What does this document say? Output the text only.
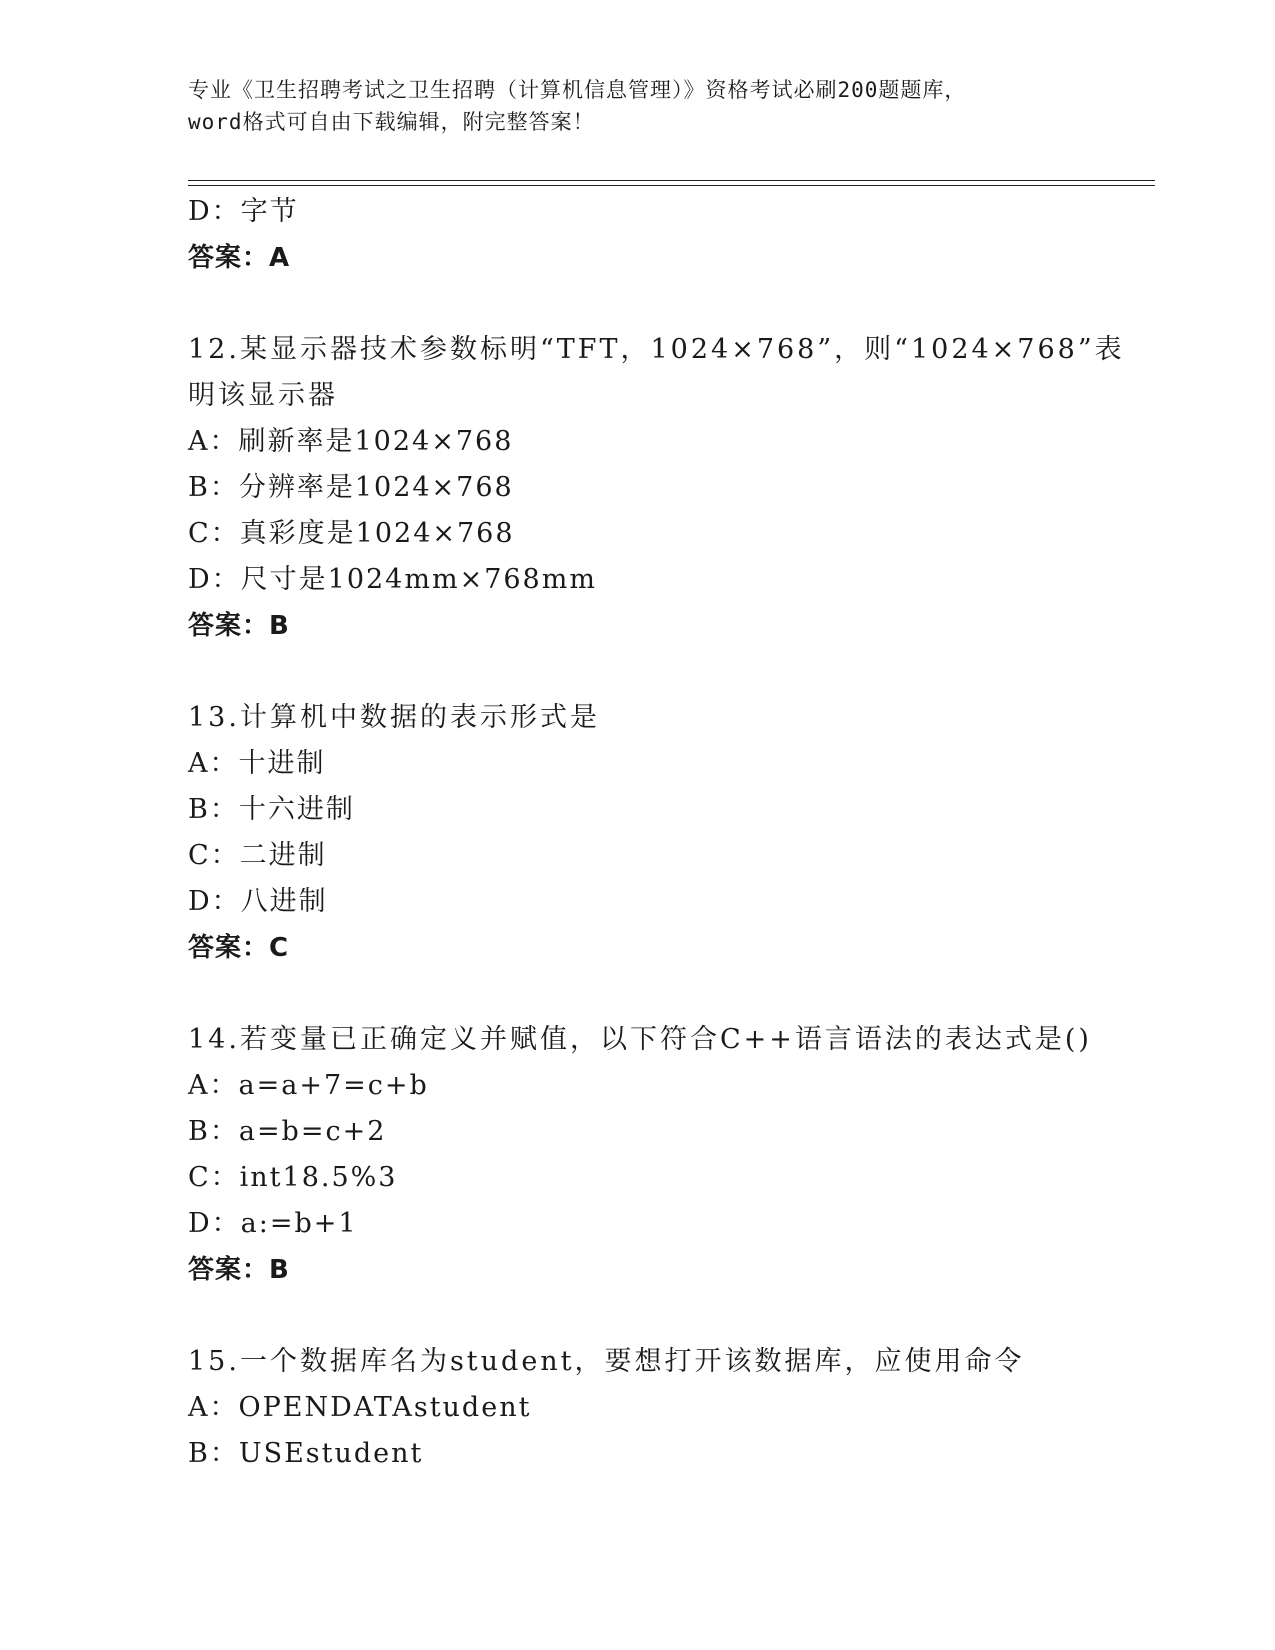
专业《卫生招聘考试之卫生招聘（计算机信息管理）》资格考试必刷200题题库，
word格式可自由下载编辑，附完整答案！
D：字节
答案：A
12.某显示器技术参数标明“TFT，1024×768”，则“1024×768”表
明该显示器
A：刷新率是1024×768
B：分辨率是1024×768
C：真彩度是1024×768
D：尺寸是1024mm×768mm
答案：B
13.计算机中数据的表示形式是
A：十进制
B：十六进制
C：二进制
D：八进制
答案：C
14.若变量已正确定义并赋值，以下符合C++语言语法的表达式是()
A：a=a+7=c+b
B：a=b=c+2
C：int18.5%3
D：a:=b+1
答案：B
15.一个数据库名为student，要想打开该数据库，应使用命令
A：OPENDATAstudent
B：USEstudent
